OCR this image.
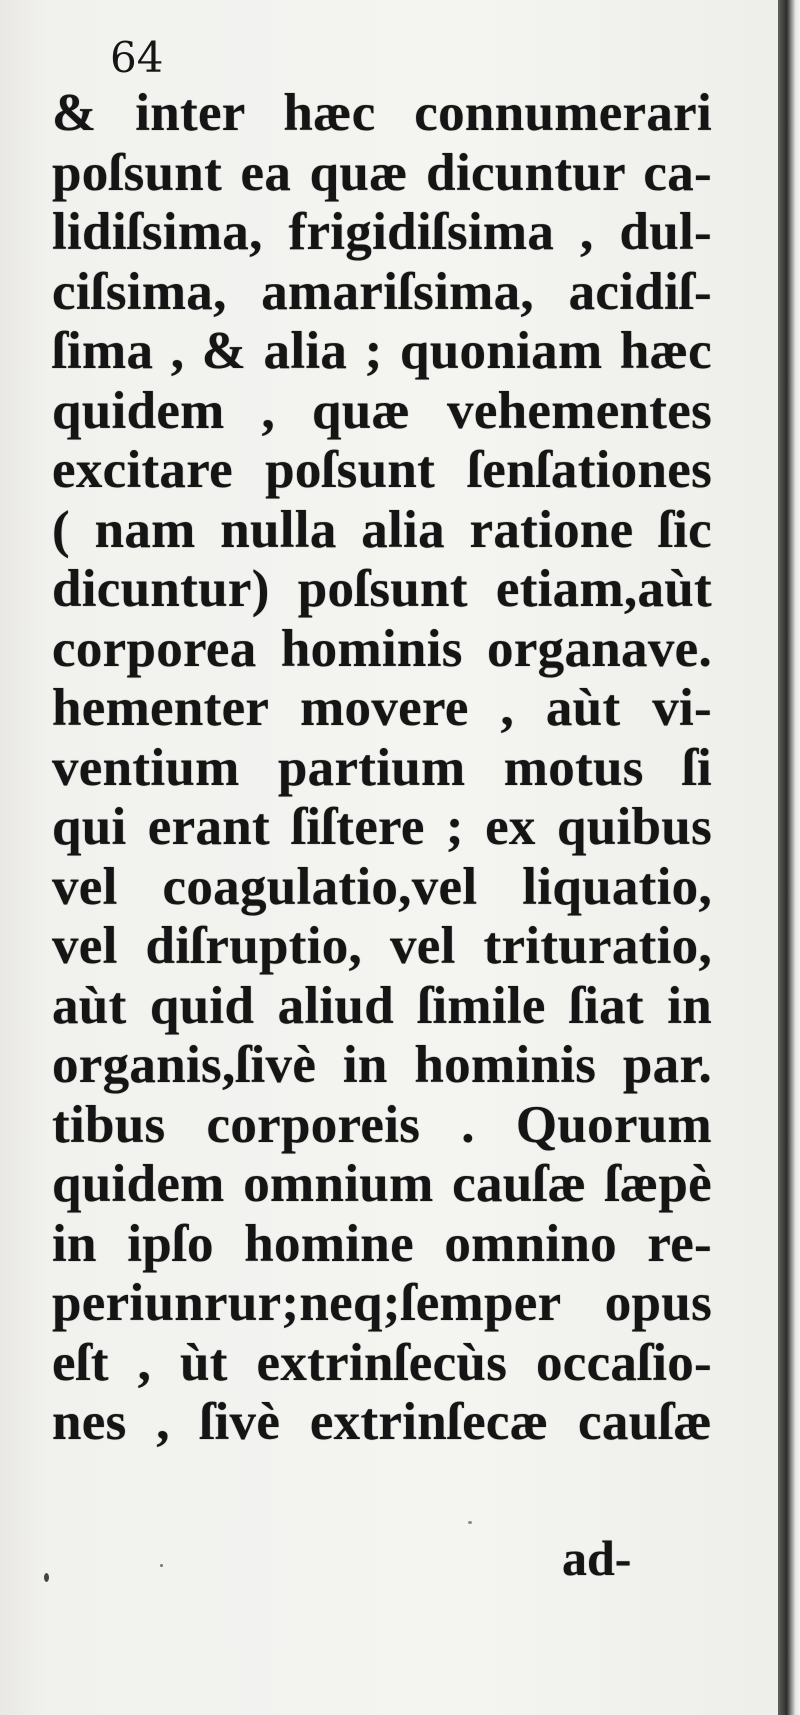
64

& inter hæc connumerari
poſsunt ea quæ dicuntur ca-
lidiſsima, frigidiſsima , dul-
ciſsima, amariſsima, acidiſ-
ſima , & alia ; quoniam hæc
quidem , quæ vehementes
excitare poſsunt ſenſationes
( nam nulla alia ratione ſic
dicuntur) poſsunt etiam,aùt
corporea hominis organave.
hementer movere , aùt vi-
ventium partium motus ſi
qui erant ſiſtere ; ex quibus
vel coagulatio,vel liquatio,
vel diſruptio, vel trituratio,
aùt quid aliud ſimile ſiat in
organis,ſivè in hominis par.
tibus corporeis . Quorum
quidem omnium cauſæ ſæpè
in ipſo homine omnino re-
periunrur;neq;ſemper opus
eſt , ùt extrinſecùs occaſio-
nes , ſivè extrinſecæ cauſæ
ad-
